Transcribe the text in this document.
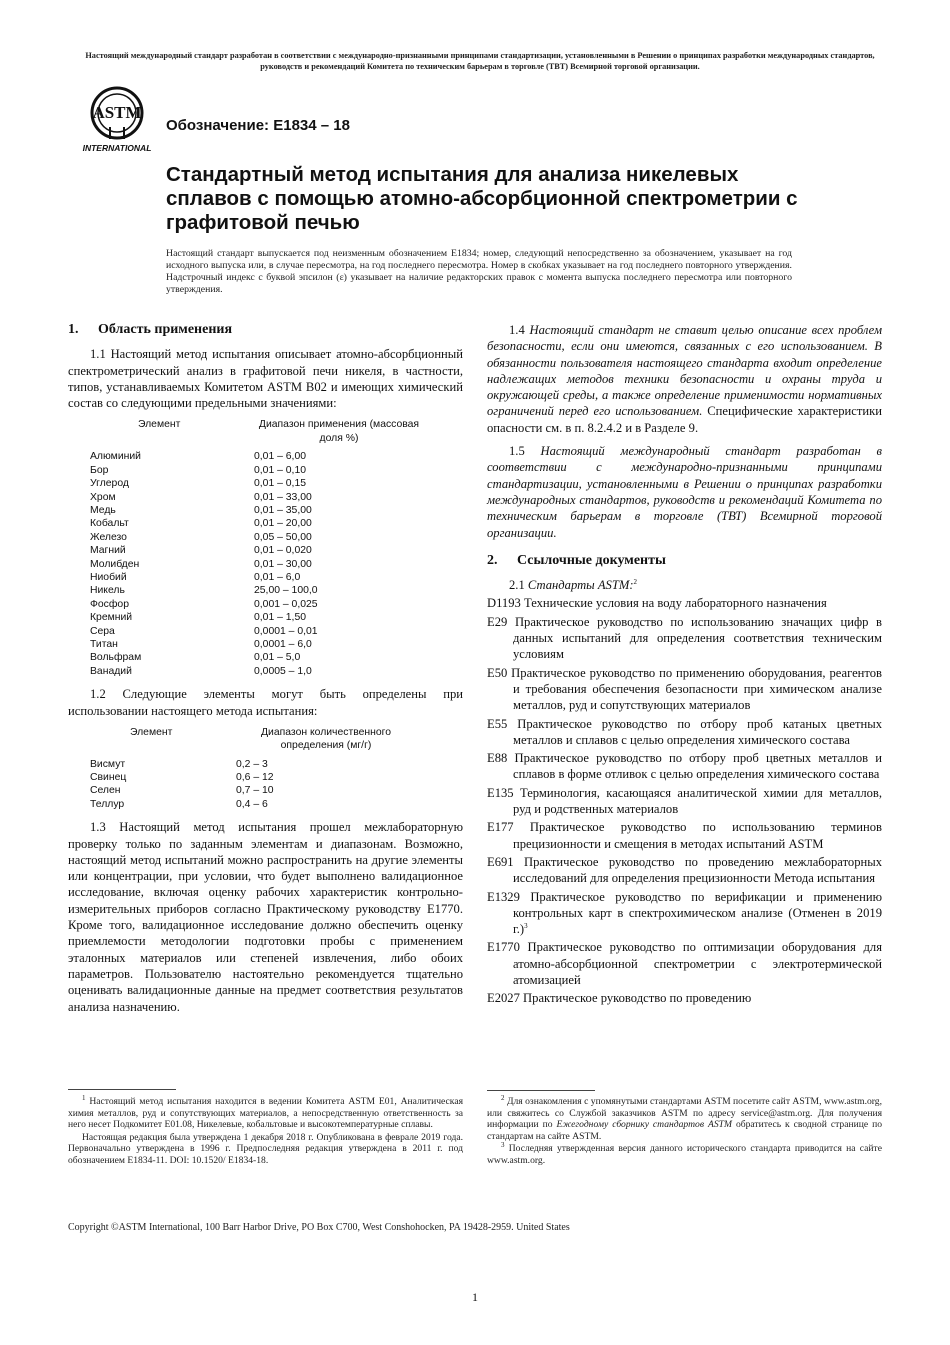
Настоящий международный стандарт разработан в соответствии с международно-признанными принципами стандартизации, установленными в Решении о принципах разработки международных стандартов, руководств и рекомендаций Комитета по техническим барьерам в торговле (ТВТ) Всемирной торговой организации.
ASTM
INTERNATIONAL
Обозначение: E1834 – 18
Стандартный метод испытания для анализа никелевых сплавов с помощью атомно-абсорбционной спектрометрии с графитовой печью
Настоящий стандарт выпускается под неизменным обозначением E1834; номер, следующий непосредственно за обозначением, указывает на год исходного выпуска или, в случае пересмотра, на год последнего пересмотра. Номер в скобках указывает на год последнего повторного утверждения. Надстрочный индекс с буквой эпсилон (ε) указывает на наличие редакторских правок с момента выпуска последнего пересмотра или повторного утверждения.
1. Область применения

1.1 Настоящий метод испытания описывает атомно-абсорбционный спектрометрический анализ в графитовой печи никеля, в частности, типов, устанавливаемых Комитетом ASTM B02 и имеющих химический состав со следующими предельными значениями:

Элемент	Диапазон применения (массовая доля %)
Алюминий	0,01 – 6,00
Бор	0,01 – 0,10
Углерод	0,01 – 0,15
Хром	0,01 – 33,00
Медь	0,01 – 35,00
Кобальт	0,01 – 20,00
Железо	0,05 – 50,00
Магний	0,01 – 0,020
Молибден	0,01 – 30,00
Ниобий	0,01 – 6,0
Никель	25,00 – 100,0
Фосфор	0,001 – 0,025
Кремний	0,01 – 1,50
Сера	0,0001 – 0,01
Титан	0,0001 – 6,0
Вольфрам	0,01 – 5,0
Ванадий	0,0005 – 1,0

1.2 Следующие элементы могут быть определены при использовании настоящего метода испытания:

Элемент	Диапазон количественного определения (мг/г)
Висмут	0,2 – 3
Свинец	0,6 – 12
Селен	0,7 – 10
Теллур	0,4 – 6

1.3 Настоящий метод испытания прошел межлабораторную проверку только по заданным элементам и диапазонам. Возможно, настоящий метод испытаний можно распространить на другие элементы или концентрации, при условии, что будет выполнено валидационное исследование, включая оценку рабочих характеристик контрольно-измерительных приборов согласно Практическому руководству E1770. Кроме того, валидационное исследование должно обеспечить оценку приемлемости методологии подготовки пробы с применением эталонных материалов или степеней извлечения, либо обоих параметров. Пользователю настоятельно рекомендуется тщательно оценивать валидационные данные на предмет соответствия результатов анализа назначению.

1.4 Настоящий стандарт не ставит целью описание всех проблем безопасности, если они имеются, связанных с его использованием. В обязанности пользователя настоящего стандарта входит определение надлежащих методов техники безопасности и охраны труда и окружающей среды, а также определение применимости нормативных ограничений перед его использованием. Специфические характеристики опасности см. в п. 8.2.4.2 и в Разделе 9.

1.5 Настоящий международный стандарт разработан в соответствии с международно-признанными принципами стандартизации, установленными в Решении о принципах разработки международных стандартов, руководств и рекомендаций Комитета по техническим барьерам в торговле (ТВТ) Всемирной торговой организации.

2. Ссылочные документы
2.1 Стандарты ASTM:$^2$
D1193 Технические условия на воду лабораторного назначения
E29 Практическое руководство по использованию значащих цифр в данных испытаний для определения соответствия техническим условиям
E50 Практическое руководство по применению оборудования, реагентов и требования обеспечения безопасности при химическом анализе металлов, руд и сопутствующих материалов
E55 Практическое руководство по отбору проб катаных цветных металлов и сплавов с целью определения химического состава
E88 Практическое руководство по отбору проб цветных металлов и сплавов в форме отливок с целью определения химического состава
E135 Терминология, касающаяся аналитической химии для металлов, руд и родственных материалов
E177 Практическое руководство по использованию терминов прецизионности и смещения в методах испытаний ASTM
E691 Практическое руководство по проведению межлабораторных исследований для определения прецизионности Метода испытания
E1329 Практическое руководство по верификации и применению контрольных карт в спектрохимическом анализе (Отменен в 2019 г.)$^3$
E1770 Практическое руководство по оптимизации оборудования для атомно-абсорбционной спектрометрии с электротермической атомизацией
E2027 Практическое руководство по проведению

$^1$ Настоящий метод испытания находится в ведении Комитета ASTM E01, Аналитическая химия металлов, руд и сопутствующих материалов, а непосредственную ответственность за него несет Подкомитет E01.08, Никелевые, кобальтовые и высокотемпературные сплавы.

Настоящая редакция была утверждена 1 декабря 2018 г. Опубликована в феврале 2019 года. Первоначально утверждена в 1996 г. Предпоследняя редакция утверждена в 2011 г. под обозначением E1834-11. DOI: 10.1520/ E1834-18.

$^2$ Для ознакомления с упомянутыми стандартами ASTM посетите сайт ASTM, www.astm.org, или свяжитесь со Службой заказчиков ASTM по адресу service@astm.org. Для получения информации по Ежегодному сборнику стандартов ASTM обратитесь к сводной странице по стандартам на сайте ASTM.

$^3$ Последняя утвержденная версия данного исторического стандарта приводится на сайте www.astm.org.

Copyright ©ASTM International, 100 Barr Harbor Drive, PO Box C700, West Conshohocken, PA 19428-2959. United States
1
